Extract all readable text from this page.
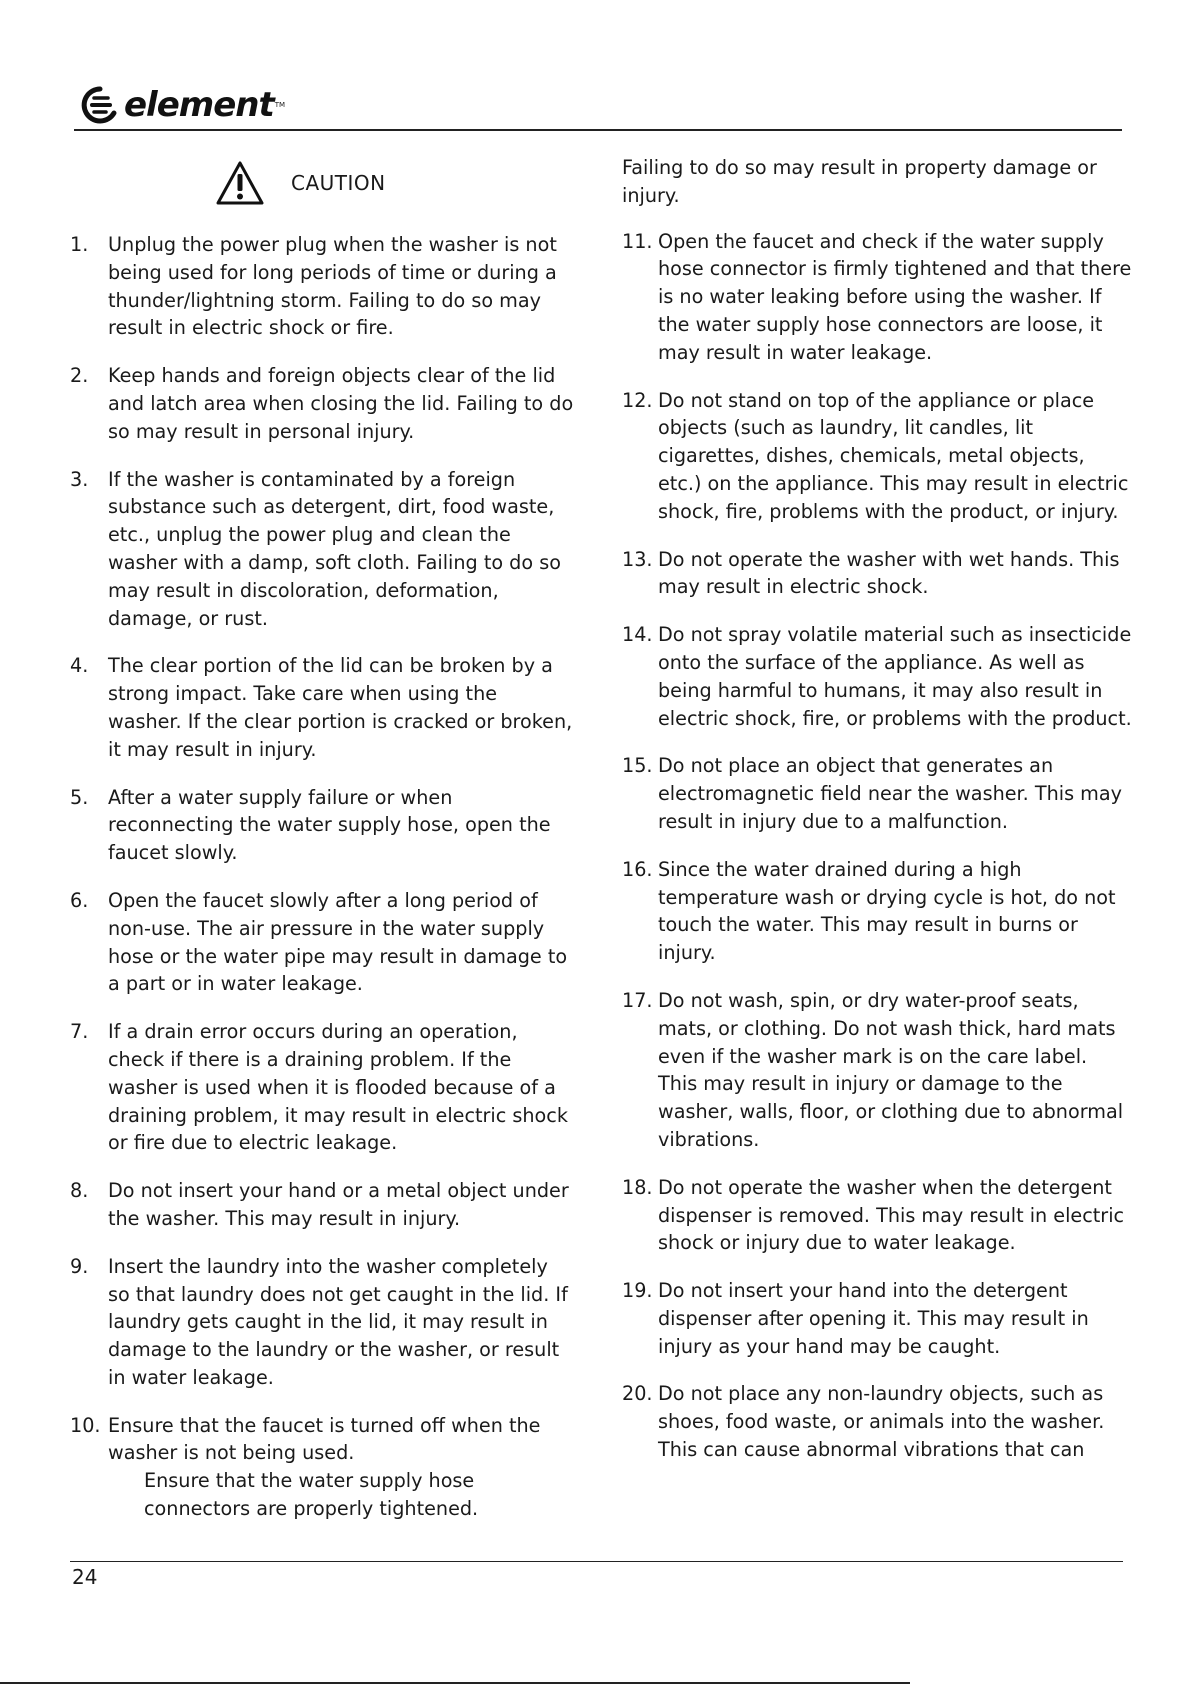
element TM
CAUTION
1. Unplug the power plug when the washer is not being used for long periods of time or during a thunder/lightning storm. Failing to do so may result in electric shock or fire.
2. Keep hands and foreign objects clear of the lid and latch area when closing the lid. Failing to do so may result in personal injury.
3. If the washer is contaminated by a foreign substance such as detergent, dirt, food waste, etc., unplug the power plug and clean the washer with a damp, soft cloth. Failing to do so may result in discoloration, deformation, damage, or rust.
4. The clear portion of the lid can be broken by a strong impact. Take care when using the washer. If the clear portion is cracked or broken, it may result in injury.
5. After a water supply failure or when reconnecting the water supply hose, open the faucet slowly.
6. Open the faucet slowly after a long period of non-use. The air pressure in the water supply hose or the water pipe may result in damage to a part or in water leakage.
7. If a drain error occurs during an operation, check if there is a draining problem. If the washer is used when it is flooded because of a draining problem, it may result in electric shock or fire due to electric leakage.
8. Do not insert your hand or a metal object under the washer. This may result in injury.
9. Insert the laundry into the washer completely so that laundry does not get caught in the lid. If laundry gets caught in the lid, it may result in damage to the laundry or the washer, or result in water leakage.
10. Ensure that the faucet is turned off when the washer is not being used.
Ensure that the water supply hose connectors are properly tightened.
Failing to do so may result in property damage or injury.
11. Open the faucet and check if the water supply hose connector is firmly tightened and that there is no water leaking before using the washer. If the water supply hose connectors are loose, it may result in water leakage.
12. Do not stand on top of the appliance or place objects (such as laundry, lit candles, lit cigarettes, dishes, chemicals, metal objects, etc.) on the appliance. This may result in electric shock, fire, problems with the product, or injury.
13. Do not operate the washer with wet hands. This may result in electric shock.
14. Do not spray volatile material such as insecticide onto the surface of the appliance. As well as being harmful to humans, it may also result in electric shock, fire, or problems with the product.
15. Do not place an object that generates an electromagnetic field near the washer. This may result in injury due to a malfunction.
16. Since the water drained during a high temperature wash or drying cycle is hot, do not touch the water. This may result in burns or injury.
17. Do not wash, spin, or dry water-proof seats, mats, or clothing. Do not wash thick, hard mats even if the washer mark is on the care label. This may result in injury or damage to the washer, walls, floor, or clothing due to abnormal vibrations.
18. Do not operate the washer when the detergent dispenser is removed. This may result in electric shock or injury due to water leakage.
19. Do not insert your hand into the detergent dispenser after opening it. This may result in injury as your hand may be caught.
20. Do not place any non-laundry objects, such as shoes, food waste, or animals into the washer. This can cause abnormal vibrations that can
24
